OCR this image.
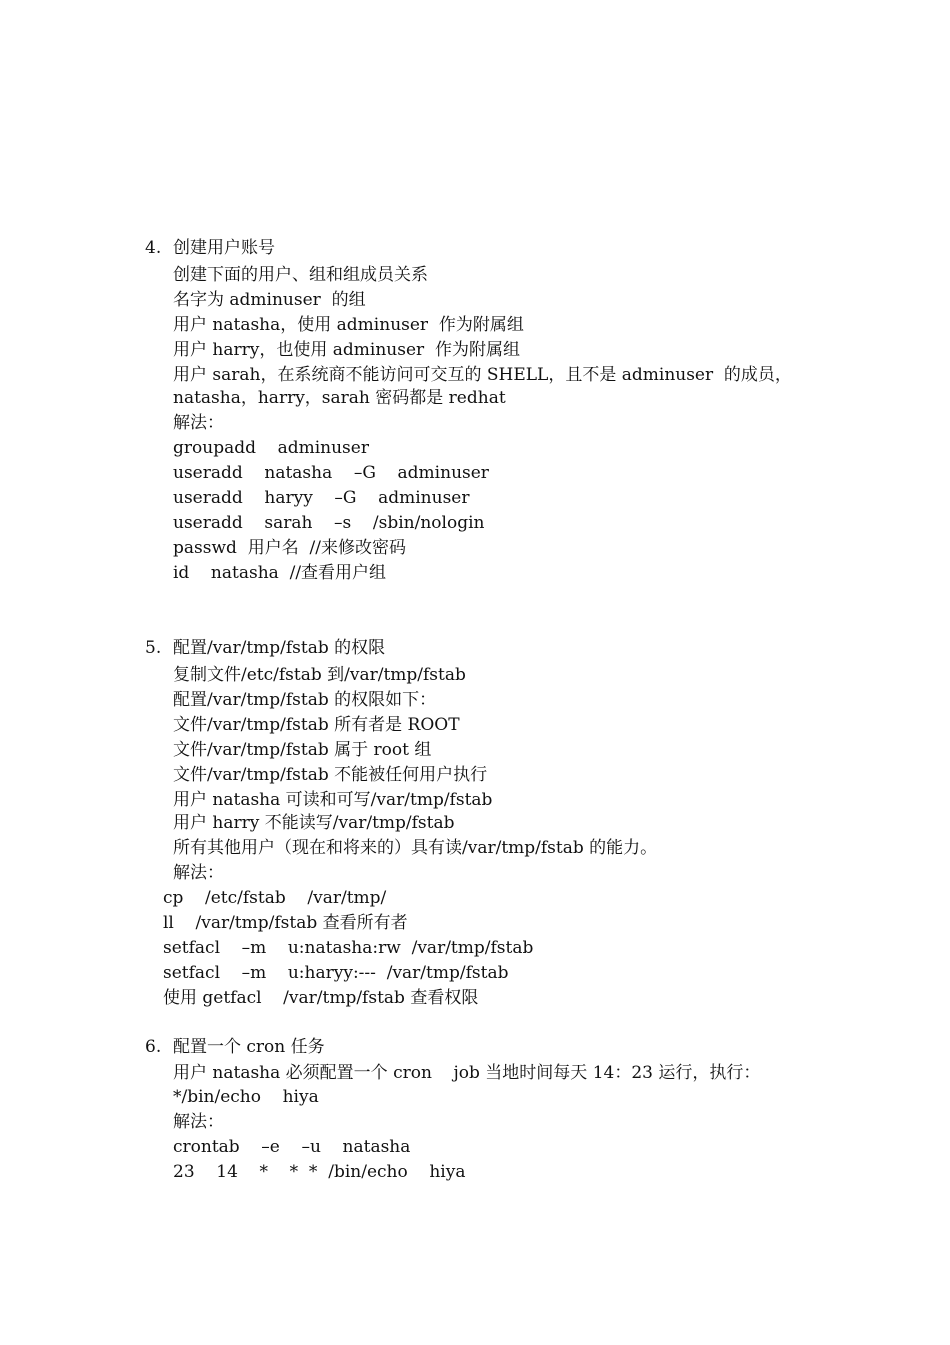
4. 创建用户账号
创建下面的用户、组和组成员关系
名字为 adminuser  的组
用户 natasha，使用 adminuser  作为附属组
用户 harry，也使用 adminuser  作为附属组
用户 sarah，在系统商不能访问可交互的 SHELL，且不是 adminuser  的成员，
natasha，harry，sarah 密码都是 redhat
解法：
groupadd    adminuser
useradd    natasha    –G    adminuser
useradd    haryy    –G    adminuser
useradd    sarah    –s    /sbin/nologin
passwd  用户名  //来修改密码
id    natasha  //查看用户组
5. 配置/var/tmp/fstab 的权限
复制文件/etc/fstab 到/var/tmp/fstab
配置/var/tmp/fstab 的权限如下：
文件/var/tmp/fstab 所有者是 ROOT
文件/var/tmp/fstab 属于 root 组
文件/var/tmp/fstab 不能被任何用户执行
用户 natasha 可读和可写/var/tmp/fstab
用户 harry 不能读写/var/tmp/fstab
所有其他用户（现在和将来的）具有读/var/tmp/fstab 的能力。
解法：
cp    /etc/fstab    /var/tmp/
ll    /var/tmp/fstab 查看所有者
setfacl    –m    u:natasha:rw  /var/tmp/fstab
setfacl    –m    u:haryy:---  /var/tmp/fstab
使用 getfacl    /var/tmp/fstab 查看权限
6. 配置一个 cron 任务
用户 natasha 必须配置一个 cron    job 当地时间每天 14：23 运行，执行：
*/bin/echo    hiya
解法：
crontab    –e    –u    natasha
23    14    *    *  *  /bin/echo    hiya
